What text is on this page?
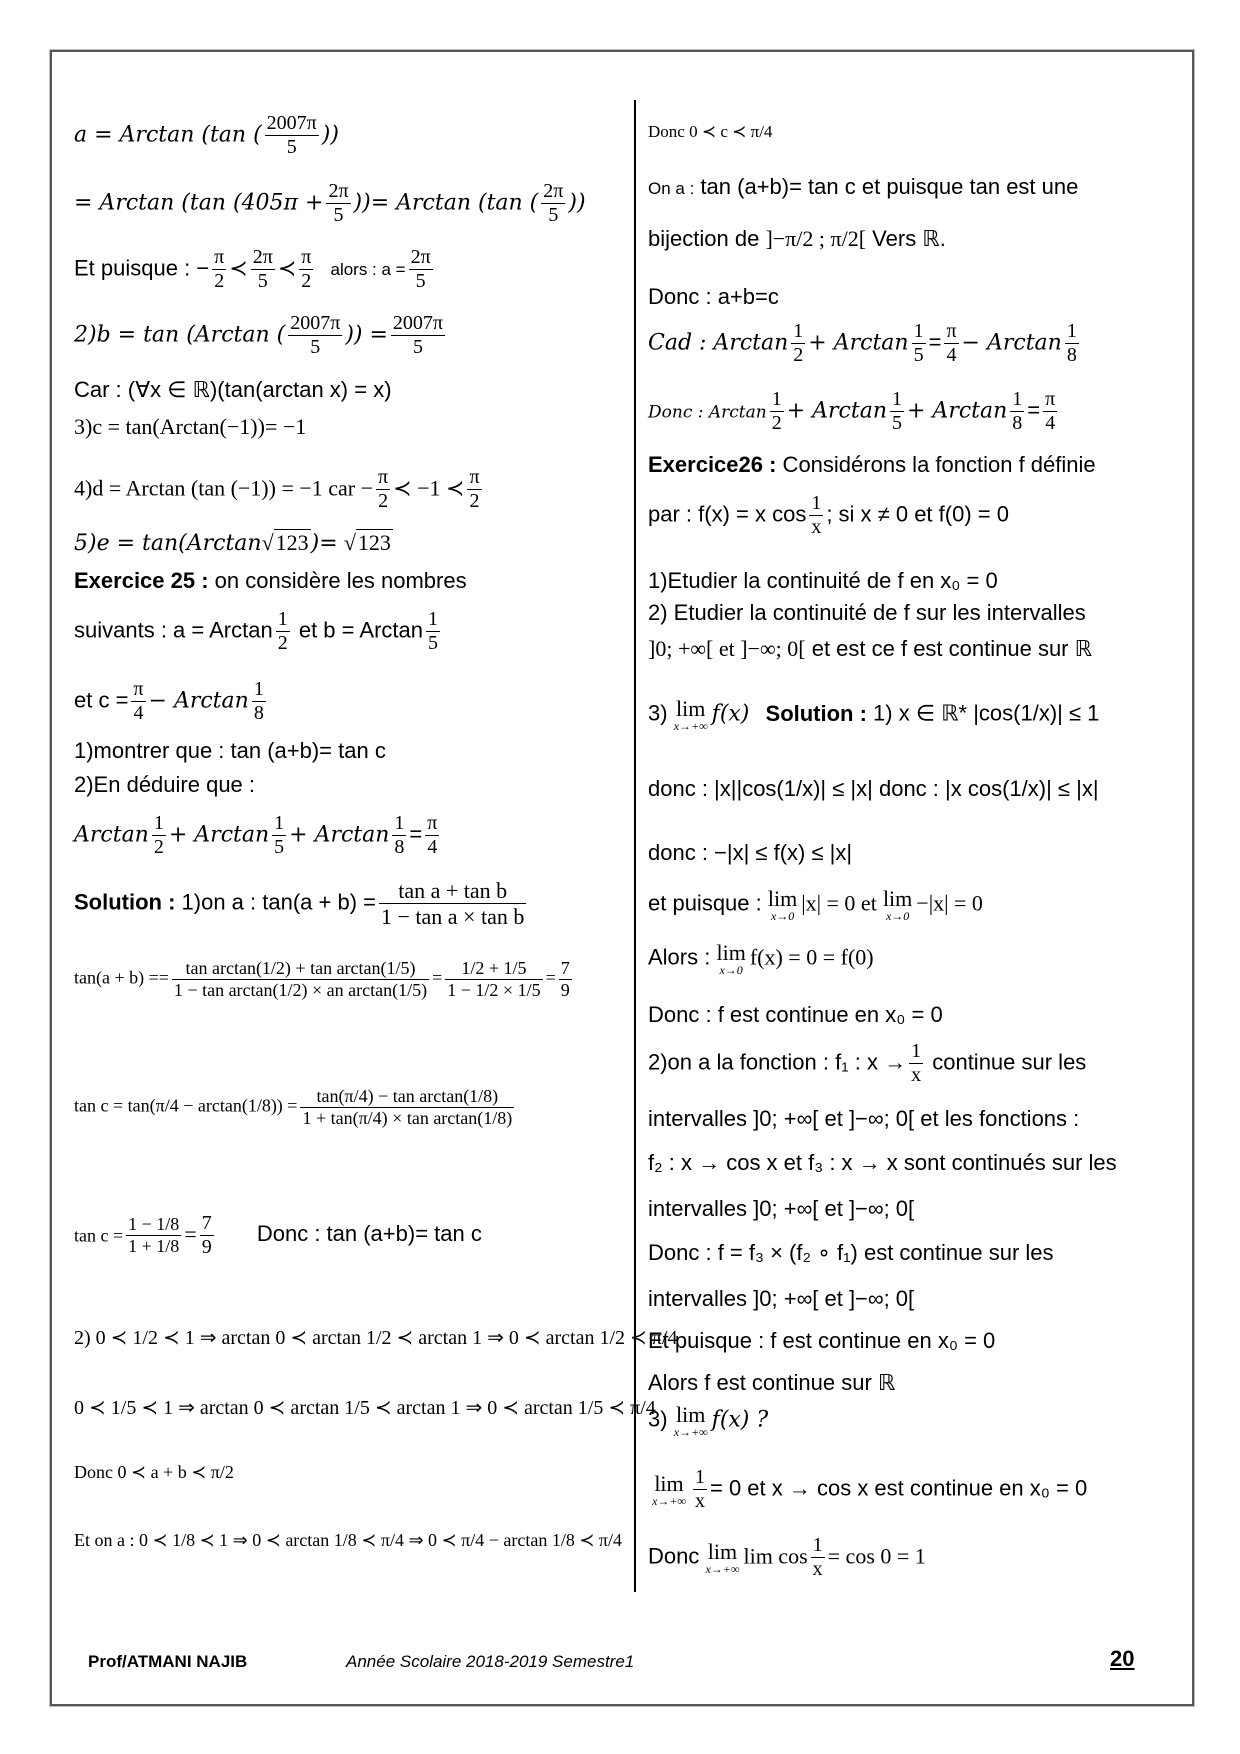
a = Arctan (tan ( $\frac{2007\pi}{5}$ ))
= Arctan (tan ($405\pi + \frac{2\pi}{5}$ ))= Arctan (tan ( $\frac{2\pi}{5}$ ))
Et puisque : − $\frac{\pi}{2}$ ≺ $\frac{2\pi}{5}$ ≺ $\frac{\pi}{2}$ alors : $a = \frac{2\pi}{5}$
2)b = tan (Arctan ( $\frac{2007\pi}{5}$ )) = $\frac{2007\pi}{5}$
Car : (∀x ∈ ℝ)(tan(arctan x) = x)
3)c = tan(Arctan(−1))= −1
4)d = Arctan (tan (−1)) = −1 car − $\frac{\pi}{2}$ ≺ −1 ≺ $\frac{\pi}{2}$
5)e = tan(Arctan√123)= √123
Exercice 25 : on considère les nombres
suivants : a = Arctan $\frac{1}{2}$ et b = Arctan $\frac{1}{5}$
et $c = \frac{\pi}{4} - Arctan \frac{1}{8}$
1)montrer que : tan (a+b)= tan c
2)En déduire que :
Arctan $\frac{1}{2} + Arctan \frac{1}{5} + Arctan \frac{1}{8} = \frac{\pi}{4}$
Solution : 1)on a : $\tan(a + b) = \frac{\text{tan a + tan b}}{\text{1 − tan a × tan b}}$
$\tan(a + b) == \frac{\text{tan arctan(1/2) + tan arctan(1/5)}}{\text{1 − tan arctan(1/2) × an arctan(1/5)}} = \frac{1/2 + 1/5}{1 - 1/2 \times 1/5} = \frac{7}{9}$
$\tan c = \tan(\pi/4 - \arctan(1/8)) = \frac{\text{tan(π/4) − tan arctan(1/8)}}{\text{1 + tan(π/4) × tan arctan(1/8)}}$
$\tan c = \frac{1 - 1/8}{1 + 1/8} = \frac{7}{9}$ Donc : tan (a+b)= tan c
2) 0 ≺ 1/2 ≺ 1 ⇒ arctan 0 ≺ arctan 1/2 ≺ arctan 1 ⇒ 0 ≺ arctan 1/2 ≺ π/4
0 ≺ 1/5 ≺ 1 ⇒ arctan 0 ≺ arctan 1/5 ≺ arctan 1 ⇒ 0 ≺ arctan 1/5 ≺ π/4
Donc 0 ≺ a + b ≺ π/2
Et on a : 0 ≺ 1/8 ≺ 1 ⇒ 0 ≺ arctan 1/8 ≺ π/4 ⇒ 0 ≺ π/4 − arctan 1/8 ≺ π/4
Donc 0 ≺ c ≺ π/4
On a : tan (a+b)= tan c et puisque tan est une
bijection de ]−π/2 ; π/2[ Vers ℝ.
Donc : a+b=c
Cad : Arctan $\frac{1}{2} + Arctan \frac{1}{5} = \frac{\pi}{4} - Arctan \frac{1}{8}$
Donc : Arctan $\frac{1}{2} + Arctan \frac{1}{5} + Arctan \frac{1}{8} = \frac{\pi}{4}$
Exercice26 : Considérons la fonction f définie
par : f(x) = x $\cos \frac{1}{x}$ ; si x ≠ 0 et f(0) = 0
1)Etudier la continuité de f en x₀ = 0
2) Etudier la continuité de f sur les intervalles
]0; +∞[ et ]−∞; 0[ et est ce f est continue sur ℝ
3) lim
x→+∞ f(x) Solution : 1) x ∈ ℝ* |cos(1/x)| ≤ 1
donc : |x||cos(1/x)| ≤ |x| donc : |x cos(1/x)| ≤ |x|
donc : −|x| ≤ f(x) ≤ |x|
et puisque : lim
x→0
|x| = 0 et lim
x→0
−|x| = 0
Alors : lim
x→0
f(x) = 0 = f(0)
Donc : f est continue en x₀ = 0
2)on a la fonction : f₁ : $x \to \frac{1}{x}$ continue sur les
intervalles ]0; +∞[ et ]−∞; 0[ et les fonctions :
f₂ : x → cos x et f₃ : x → x sont continués sur les
intervalles ]0; +∞[ et ]−∞; 0[
Donc : f = f₃ × (f₂ ∘ f₁) est continue sur les
intervalles ]0; +∞[ et ]−∞; 0[
Et puisque : f est continue en x₀ = 0
Alors f est continue sur ℝ
3) lim
x→+∞ f(x) ?
lim
$x\to+\infty \frac{1}{x} = 0$ et x → cos x est continue en x₀ = 0
Donc lim
x→+∞
$\lim \cos \frac{1}{x} = \cos 0 = 1$
Prof/ATMANI NAJIB	Année Scolaire 2018-2019 Semestre1	20
